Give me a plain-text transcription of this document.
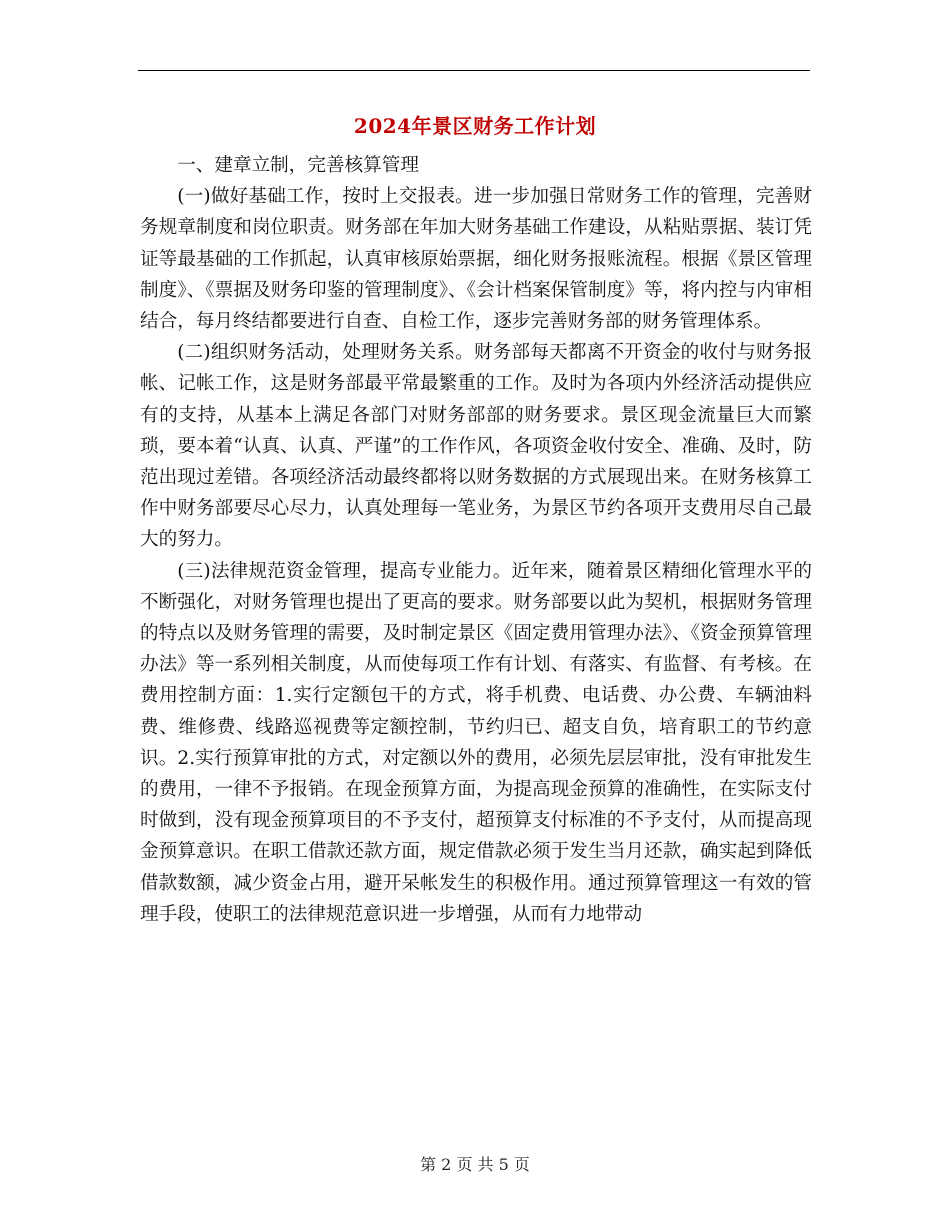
2024年景区财务工作计划

一、建章立制，完善核算管理

(一)做好基础工作，按时上交报表。进一步加强日常财务工作的管理，完善财务规章制度和岗位职责。财务部在年加大财务基础工作建设，从粘贴票据、装订凭证等最基础的工作抓起，认真审核原始票据，细化财务报账流程。根据《景区管理制度》、《票据及财务印鉴的管理制度》、《会计档案保管制度》等，将内控与内审相结合，每月终结都要进行自查、自检工作，逐步完善财务部的财务管理体系。

(二)组织财务活动，处理财务关系。财务部每天都离不开资金的收付与财务报帐、记帐工作，这是财务部最平常最繁重的工作。及时为各项内外经济活动提供应有的支持，从基本上满足各部门对财务部部的财务要求。景区现金流量巨大而繁琐，要本着“认真、认真、严谨”的工作作风，各项资金收付安全、准确、及时，防范出现过差错。各项经济活动最终都将以财务数据的方式展现出来。在财务核算工作中财务部要尽心尽力，认真处理每一笔业务，为景区节约各项开支费用尽自己最大的努力。

(三)法律规范资金管理，提高专业能力。近年来，随着景区精细化管理水平的不断强化，对财务管理也提出了更高的要求。财务部要以此为契机，根据财务管理的特点以及财务管理的需要，及时制定景区《固定费用管理办法》、《资金预算管理办法》等一系列相关制度，从而使每项工作有计划、有落实、有监督、有考核。在费用控制方面：1.实行定额包干的方式，将手机费、电话费、办公费、车辆油料费、维修费、线路巡视费等定额控制，节约归已、超支自负，培育职工的节约意识。2.实行预算审批的方式，对定额以外的费用，必须先层层审批，没有审批发生的费用，一律不予报销。在现金预算方面，为提高现金预算的准确性，在实际支付时做到，没有现金预算项目的不予支付，超预算支付标准的不予支付，从而提高现金预算意识。在职工借款还款方面，规定借款必须于发生当月还款，确实起到降低借款数额，减少资金占用，避开呆帐发生的积极作用。通过预算管理这一有效的管理手段，使职工的法律规范意识进一步增强，从而有力地带动

第 2 页 共 5 页
